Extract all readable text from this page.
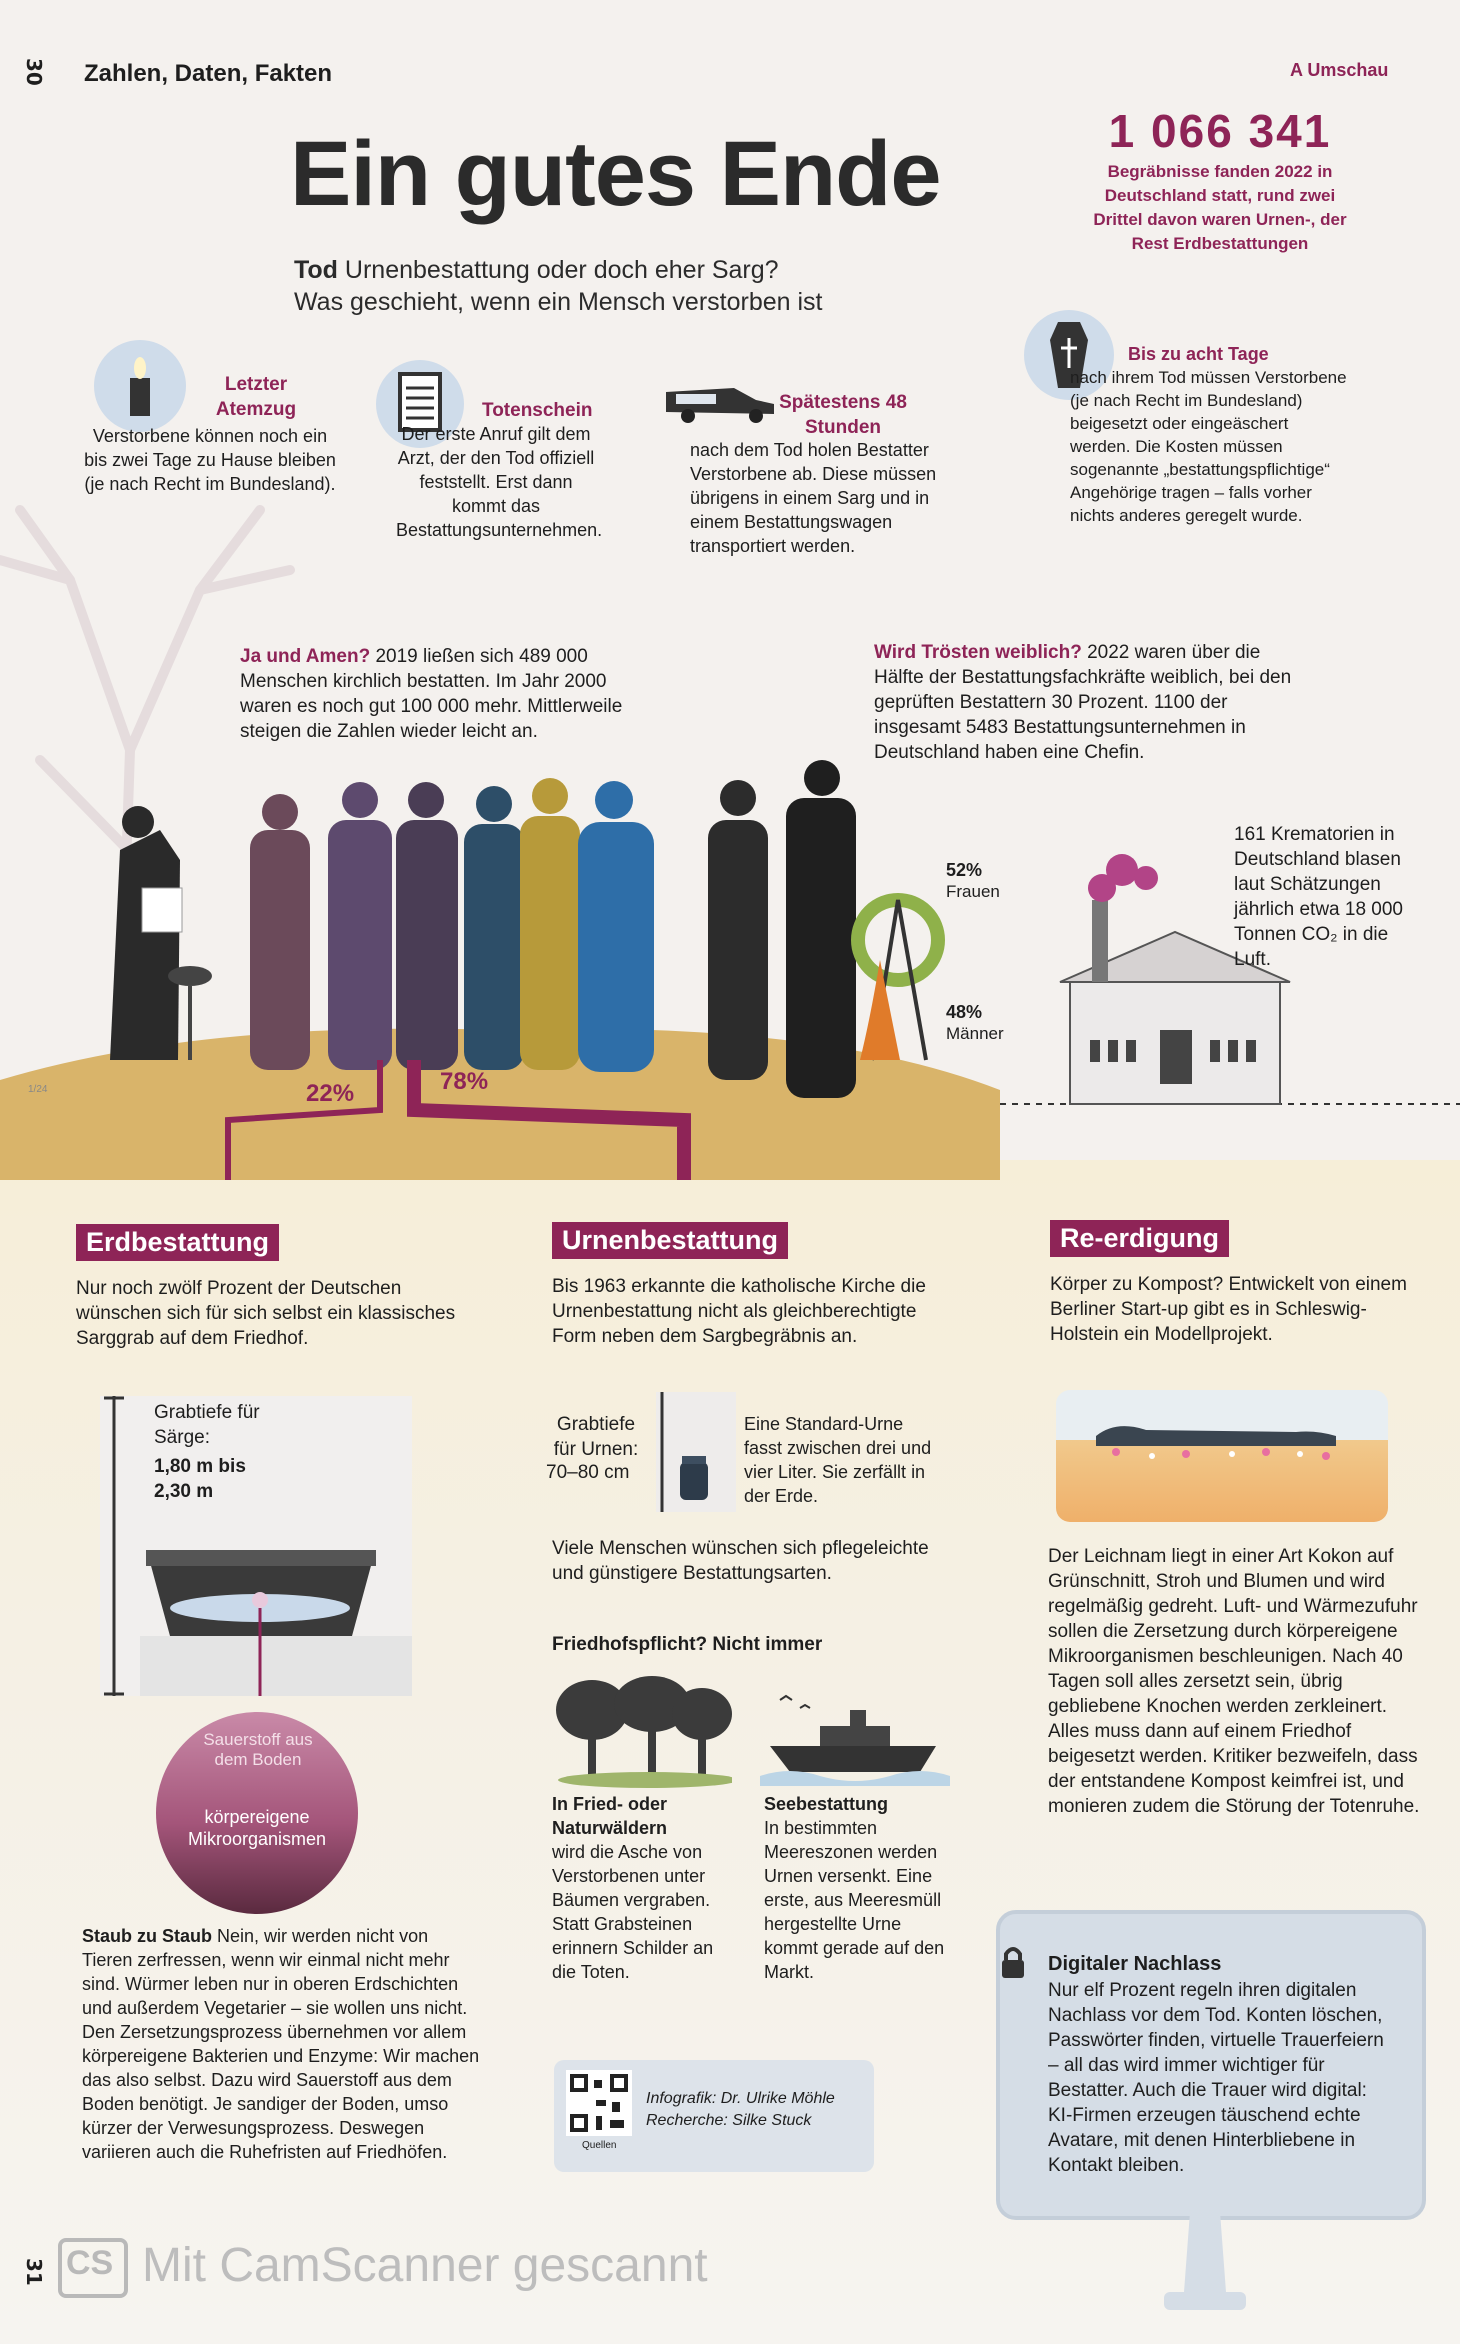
30 Zahlen, Daten, Fakten	A Umschau
Ein gutes Ende
Tod Urnenbestattung oder doch eher Sarg?
Was geschieht, wenn ein Mensch verstorben ist
1 066 341
Begräbnisse fanden 2022 in Deutschland statt, rund zwei Drittel davon waren Urnen-, der Rest Erdbestattungen
Letzter Atemzug
Verstorbene können noch ein bis zwei Tage zu Hause bleiben (je nach Recht im Bundesland).
Totenschein
Der erste Anruf gilt dem Arzt, der den Tod offiziell feststellt. Erst dann kommt das Bestattungsunternehmen.
Spätestens 48 Stunden
nach dem Tod holen Bestatter Verstorbene ab. Diese müssen übrigens in einem Sarg und in einem Bestattungswagen transportiert werden.
Bis zu acht Tage
nach ihrem Tod müssen Verstorbene (je nach Recht im Bundesland) beigesetzt oder eingeäschert werden. Die Kosten müssen sogenannte „bestattungspflichtige“ Angehörige tragen – falls vorher nichts anderes geregelt wurde.
Ja und Amen? 2019 ließen sich 489 000 Menschen kirchlich bestatten. Im Jahr 2000 waren es noch gut 100 000 mehr. Mittlerweile steigen die Zahlen wieder leicht an.
Wird Trösten weiblich? 2022 waren über die Hälfte der Bestattungsfachkräfte weiblich, bei den geprüften Bestattern 30 Prozent. 1100 der insgesamt 5483 Bestattungsunternehmen in Deutschland haben eine Chefin.
52%
Frauen
48%
Männer
161 Krematorien in Deutschland blasen laut Schätzungen jährlich etwa 18 000 Tonnen CO₂ in die Luft.
22%	78%
1/24
Erdbestattung
Nur noch zwölf Prozent der Deutschen wünschen sich für sich selbst ein klassisches Sarggrab auf dem Friedhof.
Grabtiefe für Särge:
1,80 m bis 2,30 m
Sauerstoff aus dem Boden
körpereigene Mikroorganismen
Staub zu Staub Nein, wir werden nicht von Tieren zerfressen, wenn wir einmal nicht mehr sind. Würmer leben nur in oberen Erdschichten und außerdem Vegetarier – sie wollen uns nicht. Den Zersetzungsprozess übernehmen vor allem körpereigene Bakterien und Enzyme: Wir machen das also selbst. Dazu wird Sauerstoff aus dem Boden benötigt. Je sandiger der Boden, umso kürzer der Verwesungsprozess. Deswegen variieren auch die Ruhefristen auf Friedhöfen.
Urnenbestattung
Bis 1963 erkannte die katholische Kirche die Urnenbestattung nicht als gleichberechtigte Form neben dem Sargbegräbnis an.
Grabtiefe für Urnen:
70–80 cm
Eine Standard-Urne fasst zwischen drei und vier Liter. Sie zerfällt in der Erde.
Viele Menschen wünschen sich pflegeleichte und günstigere Bestattungsarten.
Friedhofspflicht? Nicht immer
In Fried- oder Naturwäldern
wird die Asche von Verstorbenen unter Bäumen vergraben. Statt Grabsteinen erinnern Schilder an die Toten.
Seebestattung
In bestimmten Meereszonen werden Urnen versenkt. Eine erste, aus Meeresmüll hergestellte Urne kommt gerade auf den Markt.
Quellen
Infografik: Dr. Ulrike Möhle
Recherche: Silke Stuck
Re-erdigung
Körper zu Kompost? Entwickelt von einem Berliner Start-up gibt es in Schleswig-Holstein ein Modellprojekt.
Der Leichnam liegt in einer Art Kokon auf Grünschnitt, Stroh und Blumen und wird regelmäßig gedreht. Luft- und Wärmezufuhr sollen die Zersetzung durch körpereigene Mikroorganismen beschleunigen. Nach 40 Tagen soll alles zersetzt sein, übrig gebliebene Knochen werden zerkleinert. Alles muss dann auf einem Friedhof beigesetzt werden. Kritiker bezweifeln, dass der entstandene Kompost keimfrei ist, und monieren zudem die Störung der Totenruhe.
Digitaler Nachlass
Nur elf Prozent regeln ihren digitalen Nachlass vor dem Tod. Konten löschen, Passwörter finden, virtuelle Trauerfeiern – all das wird immer wichtiger für Bestatter. Auch die Trauer wird digital: KI-Firmen erzeugen täuschend echte Avatare, mit denen Hinterbliebene in Kontakt bleiben.
31 CS Mit CamScanner gescannt
